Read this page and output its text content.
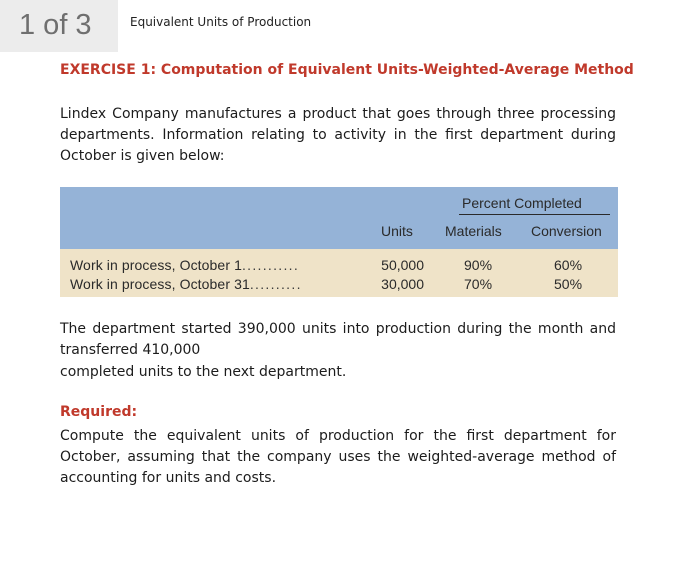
1 of 3	Equivalent Units of Production
EXERCISE 1: Computation of Equivalent Units-Weighted-Average Method
Lindex Company manufactures a product that goes through three processing departments. Information relating to activity in the first department during October is given below:
Percent Completed
Units Materials Conversion
Work in process, October 1...........	50,000	90%	60%
Work in process, October 31..........	30,000	70%	50%
The department started 390,000 units into production during the month and transferred 410,000
completed units to the next department.
Required:
Compute the equivalent units of production for the first department for October, assuming that the company uses the weighted-average method of accounting for units and costs.
